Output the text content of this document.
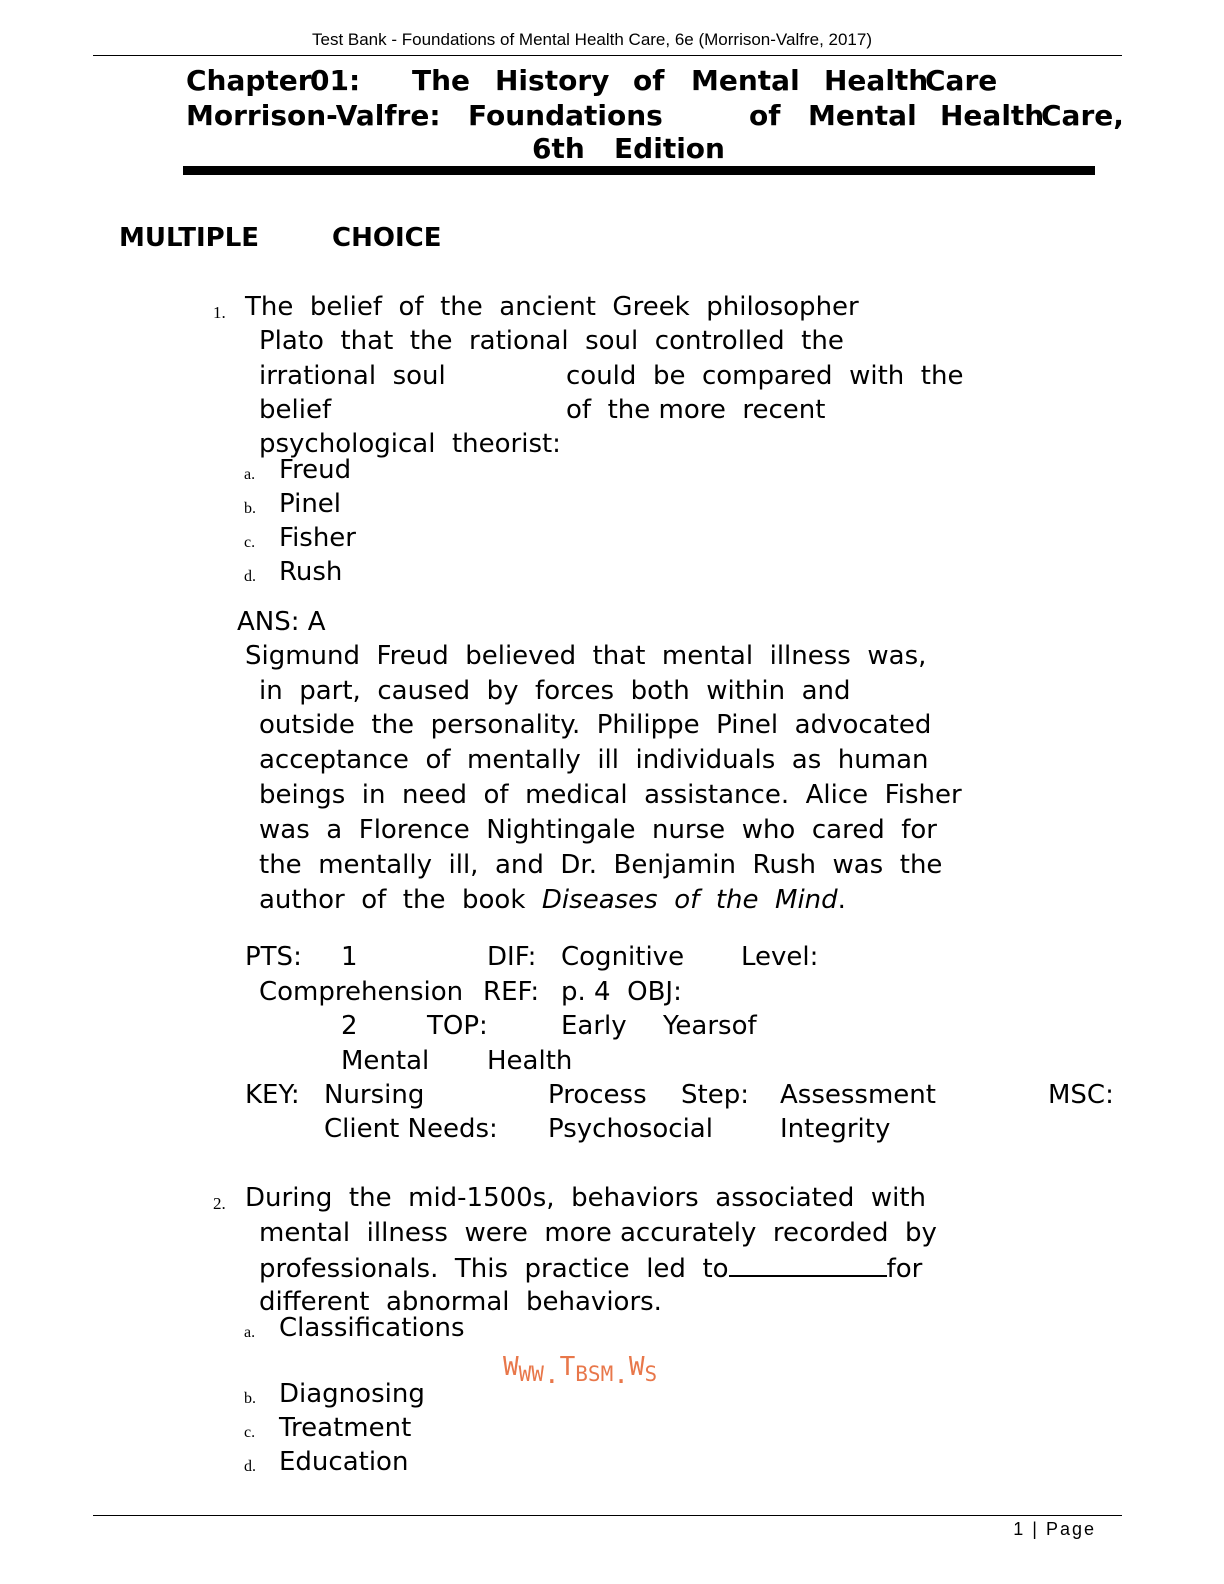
Test Bank - Foundations of Mental Health Care, 6e (Morrison-Valfre, 2017)
Chapter
01: The History of Mental Health
Care
Morrison-Valfre: Foundations	of Mental Health
Care,
6th   Edition
MULTIPLE	CHOICE
1. The  belief  of  the  ancient  Greek  philosopher
Plato  that  the  rational  soul  controlled  the
irrational  soul	could  be  compared  with  the
belief	of  the more  recent
psychological  theorist:
a. Freud
b. Pinel
c. Fisher
d. Rush
ANS: A
Sigmund  Freud  believed  that  mental  illness  was,
in  part,  caused  by  forces  both  within  and
outside  the  personality.  Philippe  Pinel  advocated
acceptance  of  mentally  ill  individuals  as  human
beings  in  need  of  medical  assistance.  Alice  Fisher
was  a  Florence  Nightingale  nurse  who  cared  for
the  mentally  ill,  and  Dr.  Benjamin  Rush  was  the
author  of  the  book  Diseases  of  the  Mind.
PTS: 1	DIF: Cognitive Level:
Comprehension REF: p. 4  OBJ:
2	TOP:	Early Yearsof
Mental Health
KEY: Nursing	Process Step: Assessment	MSC:
Client Needs: Psychosocial	Integrity
2. During  the  mid-1500s,  behaviors  associated  with
mental  illness  were  more accurately  recorded  by
professionals.  This  practice  led  to	for
different  abnormal  behaviors.
a. Classifications
b. Diagnosing
c. Treatment
d. Education
$W_{WW}.T_{BSM}.W_S$
1 | Page
